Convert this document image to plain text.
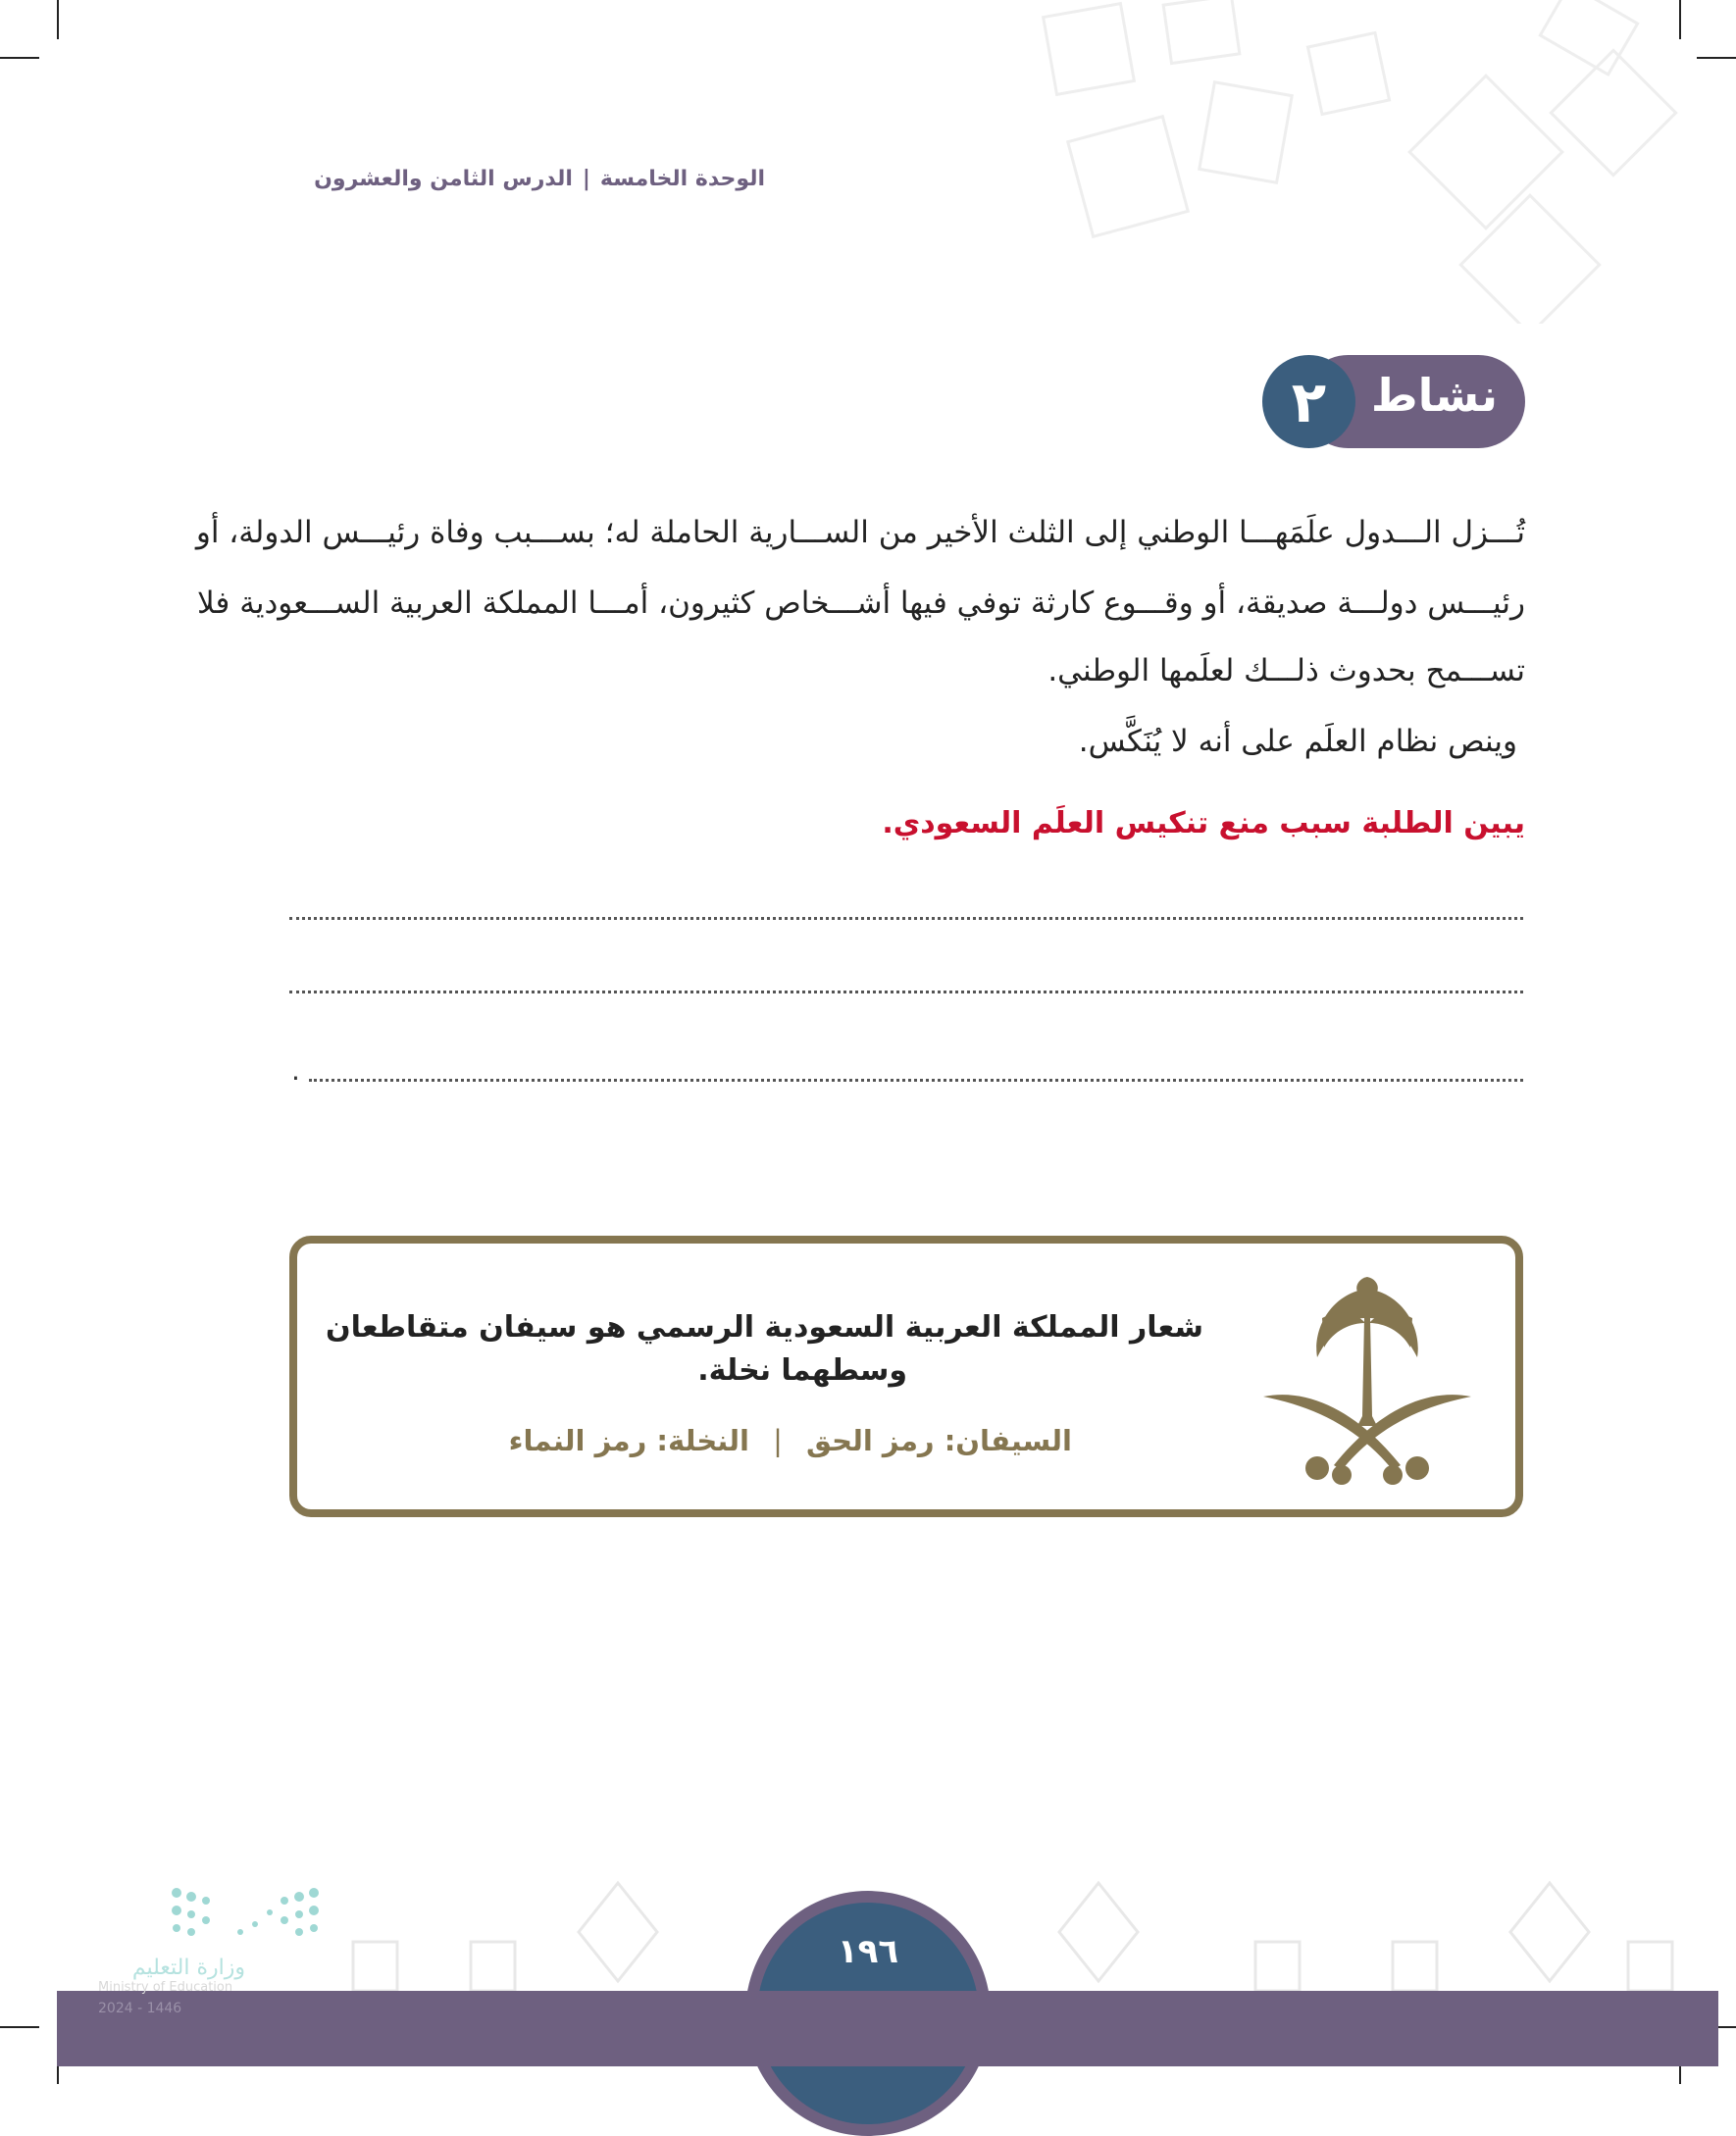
الوحدة الخامسة|الدرس الثامن والعشرون
نشاط
٢
تُـــزل الـــدول علَمَهـــا الوطني إلى الثلث الأخير من الســـارية الحاملة له؛ بســـبب وفاة رئيـــس الدولة، أو
رئيـــس دولـــة صديقة، أو وقـــوع كارثة توفي فيها أشـــخاص كثيرون، أمـــا المملكة العربية الســـعودية فلا
تســـمح بحدوث ذلـــك لعلَمها الوطني.
وينص نظام العلَم على أنه لا يُنَكَّس.
يبين الطلبة سبب منع تنكيس العلَم السعودي.
.
شعار المملكة العربية السعودية الرسمي هو سيفان متقاطعان
وسطهما نخلة.
السيفان: رمز الحق | النخلة: رمز النماء
١٩٦
وزارة التعليم
Ministry of Education
2024 - 1446
